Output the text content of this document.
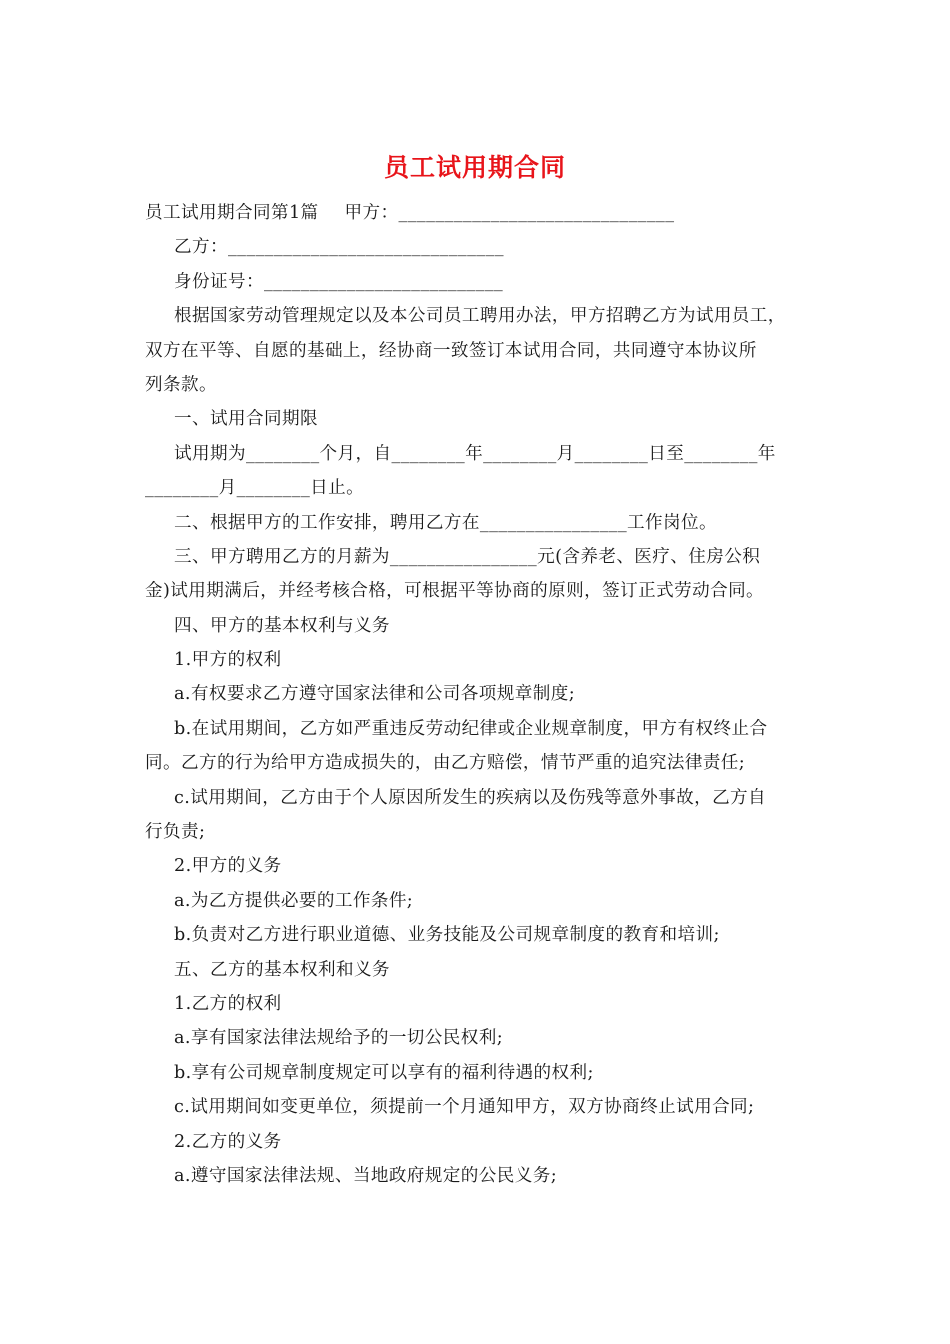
员工试用期合同
员工试用期合同第1篇 甲方：______________________________
乙方：______________________________
身份证号：__________________________
根据国家劳动管理规定以及本公司员工聘用办法，甲方招聘乙方为试用员工，
双方在平等、自愿的基础上，经协商一致签订本试用合同，共同遵守本协议所
列条款。
一、试用合同期限
试用期为________个月，自________年________月________日至________年
________月________日止。
二、根据甲方的工作安排，聘用乙方在________________工作岗位。
三、甲方聘用乙方的月薪为________________元(含养老、医疗、住房公积
金)试用期满后，并经考核合格，可根据平等协商的原则，签订正式劳动合同。
四、甲方的基本权利与义务
1.甲方的权利
a.有权要求乙方遵守国家法律和公司各项规章制度;
b.在试用期间，乙方如严重违反劳动纪律或企业规章制度，甲方有权终止合
同。乙方的行为给甲方造成损失的，由乙方赔偿，情节严重的追究法律责任;
c.试用期间，乙方由于个人原因所发生的疾病以及伤残等意外事故，乙方自
行负责;
2.甲方的义务
a.为乙方提供必要的工作条件;
b.负责对乙方进行职业道德、业务技能及公司规章制度的教育和培训;
五、乙方的基本权利和义务
1.乙方的权利
a.享有国家法律法规给予的一切公民权利;
b.享有公司规章制度规定可以享有的福利待遇的权利;
c.试用期间如变更单位，须提前一个月通知甲方，双方协商终止试用合同;
2.乙方的义务
a.遵守国家法律法规、当地政府规定的公民义务;
